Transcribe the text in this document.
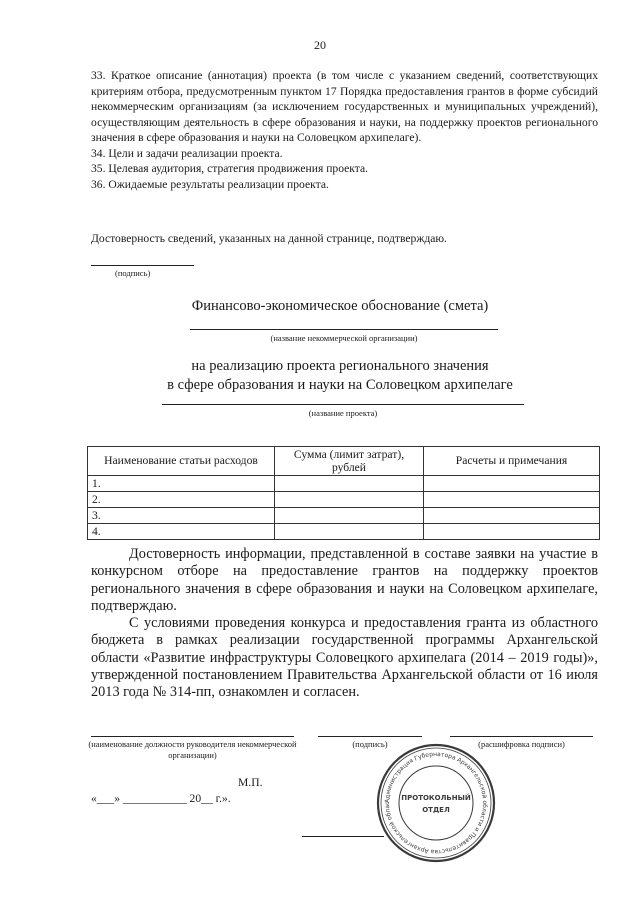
20

33. Краткое описание (аннотация) проекта (в том числе с указанием сведений, соответствующих критериям отбора, предусмотренным пунктом 17 Порядка предоставления грантов в форме субсидий некоммерческим организациям (за исключением государственных и муниципальных учреждений), осуществляющим деятельность в сфере образования и науки, на поддержку проектов регионального значения в сфере образования и науки на Соловецком архипелаге).

34. Цели и задачи реализации проекта.

35. Целевая аудитория, стратегия продвижения проекта.

36. Ожидаемые результаты реализации проекта.

Достоверность сведений, указанных на данной странице, подтверждаю.
(подпись)
Финансово-экономическое обоснование (смета)
(название некоммерческой организации)
на реализацию проекта регионального значения
в сфере образования и науки на Соловецком архипелаге
(название проекта)
Наименование статьи расходов	Сумма (лимит затрат), рублей	Расчеты и примечания
1.		
2.		
3.		
4.		

Достоверность информации, представленной в составе заявки на участие в конкурсном отборе на предоставление грантов на поддержку проектов регионального значения в сфере образования и науки на Соловецком архипелаге, подтверждаю.

С условиями проведения конкурса и предоставления гранта из областного бюджета в рамках реализации государственной программы Архангельской области «Развитие инфраструктуры Соловецкого архипелага (2014 – 2019 годы)», утвержденной постановлением Правительства Архангельской области от 16 июля 2013 года № 314-пп, ознакомлен и согласен.

(наименование должности руководителя некоммерческой организации)
(подпись)	(расшифровка подписи)
М.П.
«___» ___________ 20__ г.».	Администрация Губернатора Архангельской области и Правительства Архангельской облас
ПРОТОКОЛЬНЫЙ
ОТДЕЛ
